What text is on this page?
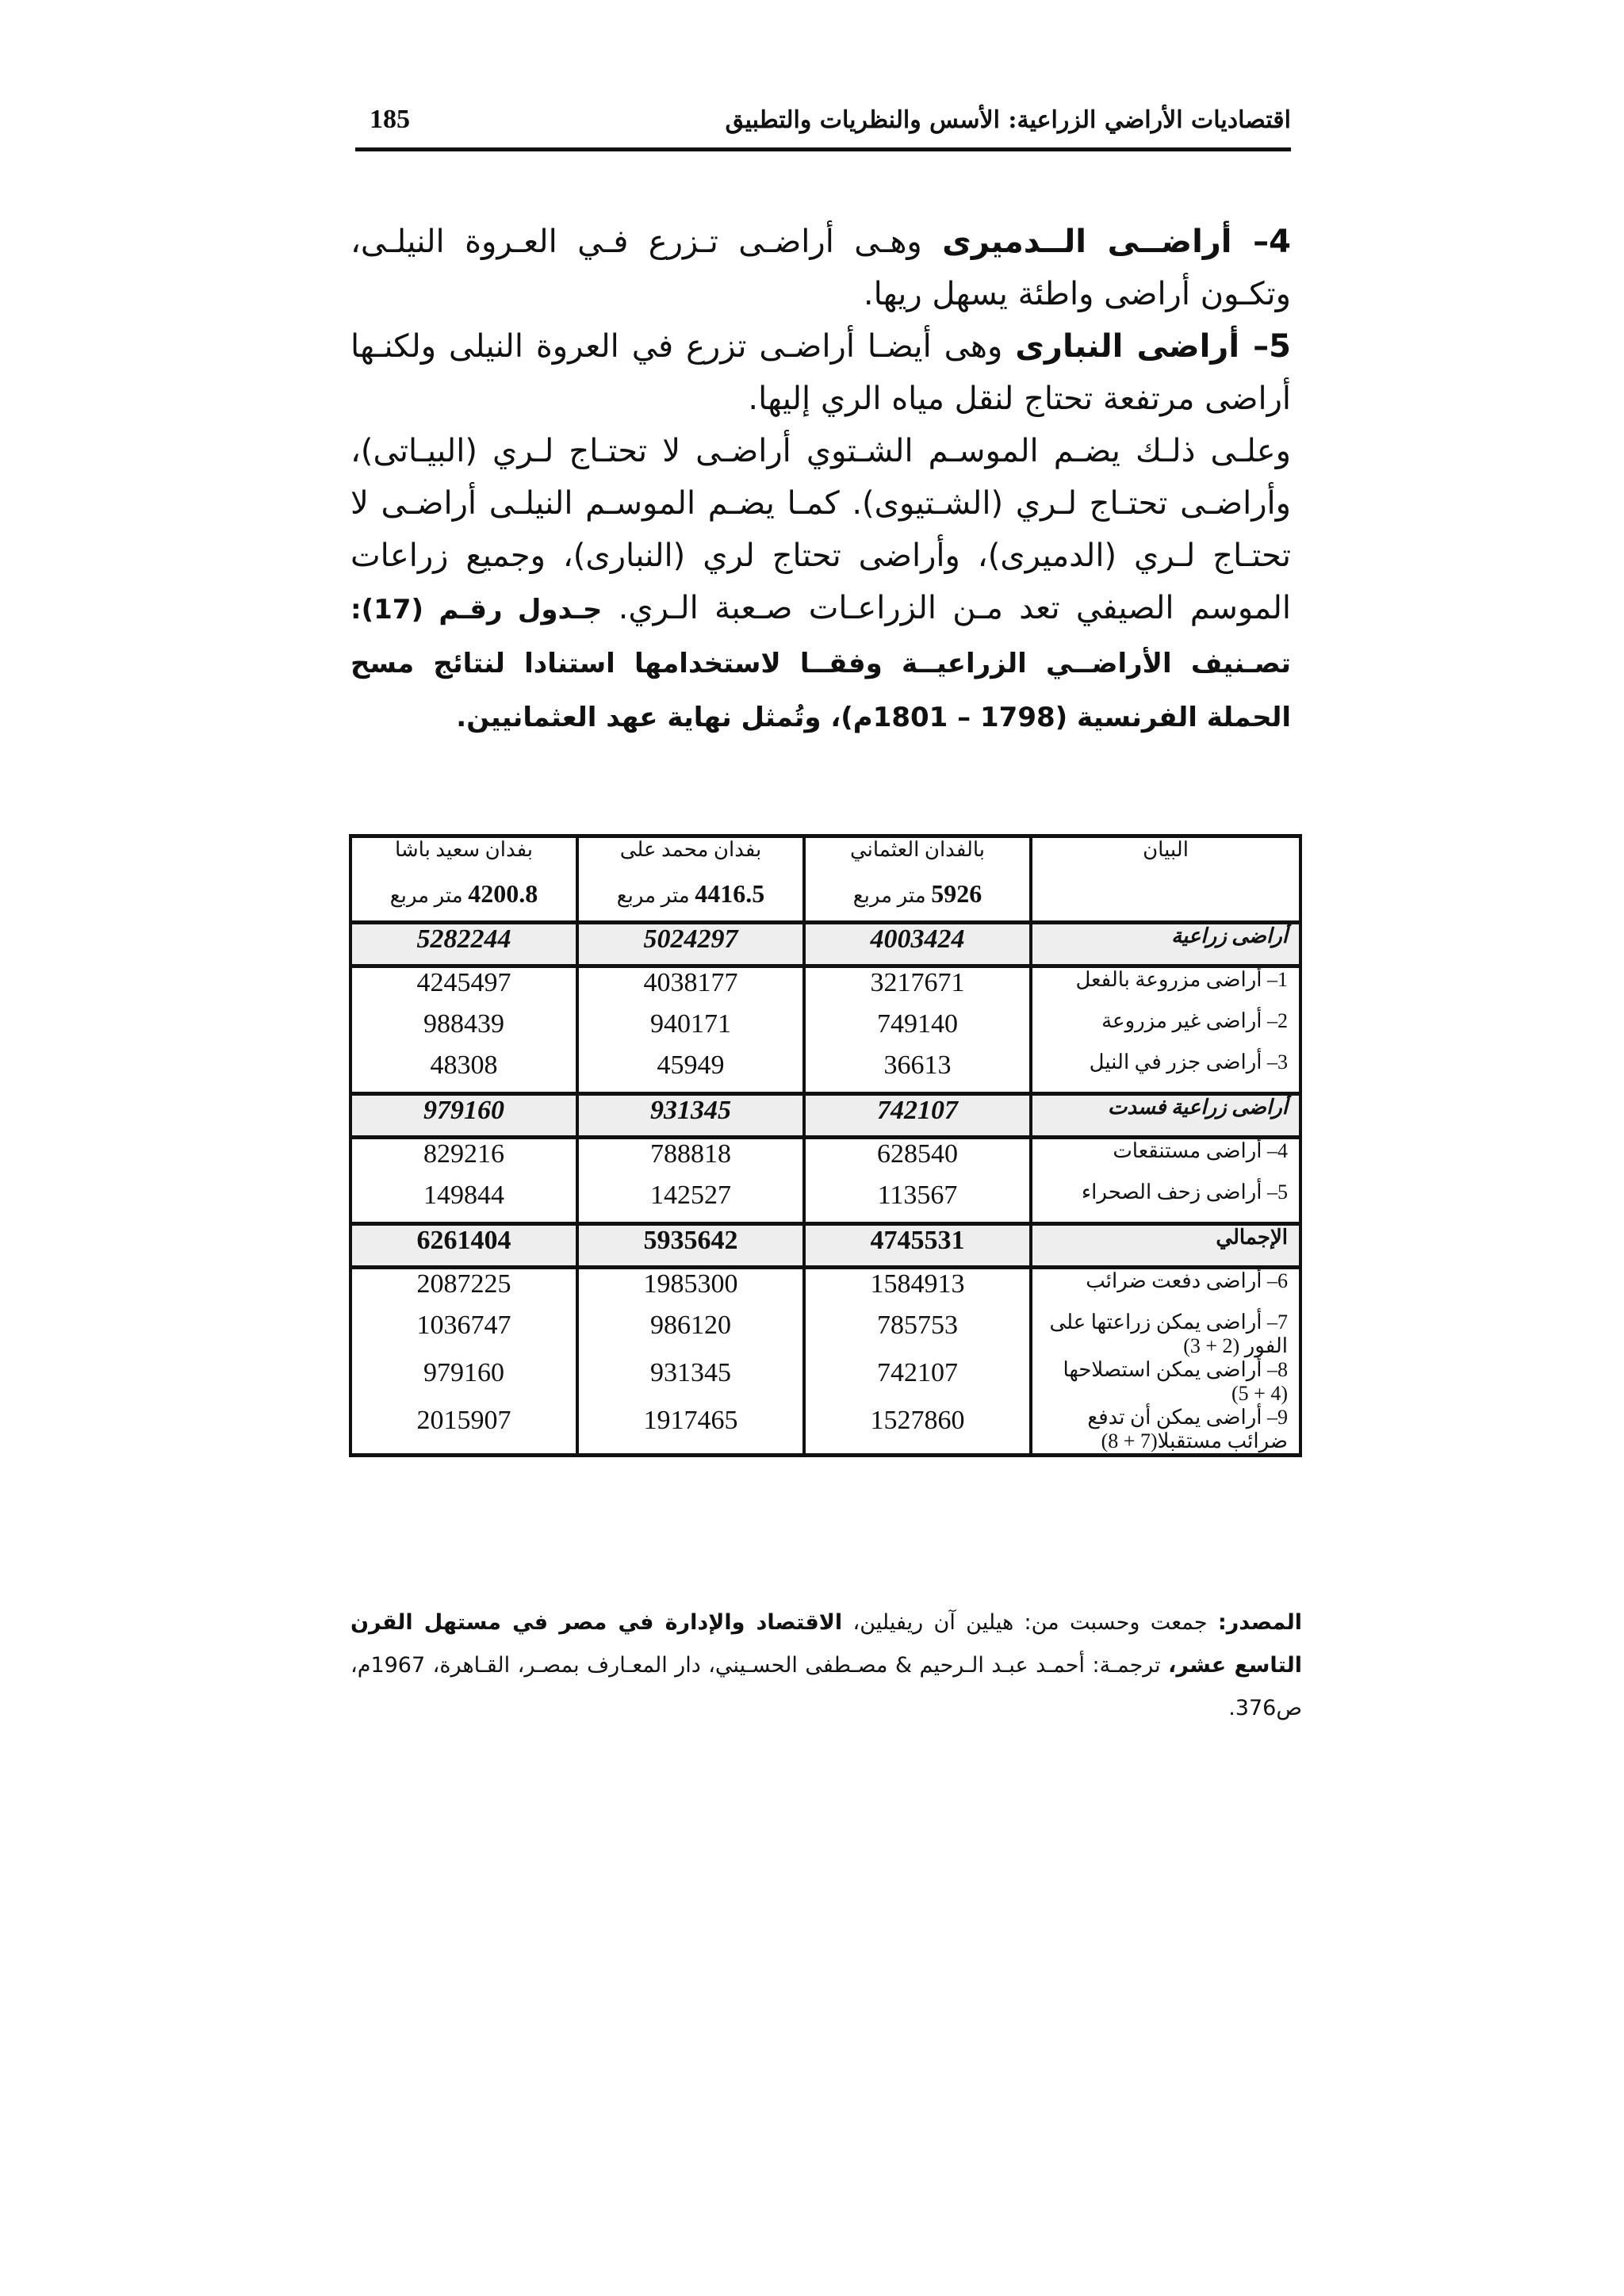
اقتصاديات الأراضي الزراعية: الأسس والنظريات والتطبيق
185

4– أراضــى الــدميرى وهـى أراضـى تـزرع فـي العـروة النيلـى، وتكـون أراضى واطئة يسهل ريها.

5– أراضى النبارى وهى أيضـا أراضـى تزرع في العروة النيلى ولكنـها أراضى مرتفعة تحتاج لنقل مياه الري إليها.

وعلـى ذلـك يضـم الموسـم الشـتوي أراضـى لا تحتـاج لـري (البيـاتى)، وأراضـى تحتـاج لـري (الشـتيوى). كمـا يضـم الموسـم النيلـى أراضـى لا تحتـاج لـري (الدميرى)، وأراضى تحتاج لري (النبارى)، وجميع زراعات الموسم الصيفي تعد مـن الزراعـات صـعبة الـري. جـدول رقـم (17): تصـنيف الأراضــي الزراعيــة وفقــا لاستخدامها استنادا لنتائج مسح الحملة الفرنسية (1798 – 1801م)، وتُمثل نهاية عهد العثمانيين.

البيان	بالفدان العثماني	بفدان محمد على	بفدان سعيد باشا
	5926 متر مربع	4416.5 متر مربع	4200.8 متر مربع
أراضى زراعية	4003424	5024297	5282244
1– أراضى مزروعة بالفعل	3217671	4038177	4245497
2– أراضى غير مزروعة	749140	940171	988439
3– أراضى جزر في النيل	36613	45949	48308
أراضى زراعية فسدت	742107	931345	979160
4– أراضى مستنقعات	628540	788818	829216
5– أراضى زحف الصحراء	113567	142527	149844
الإجمالي	4745531	5935642	6261404
6– أراضى دفعت ضرائب	1584913	1985300	2087225
7– أراضى يمكن زراعتها على الفور (2 + 3)	785753	986120	1036747
8– أراضى يمكن استصلاحها (4 + 5)	742107	931345	979160
9– أراضى يمكن أن تدفع ضرائب مستقبلا(7 + 8)	1527860	1917465	2015907
المصدر: جمعت وحسبت من: هيلين آن ريفيلين، الاقتصاد والإدارة في مصر في مستهل القرن التاسع عشر، ترجمـة: أحمـد عبـد الـرحيم & مصـطفى الحسـيني، دار المعـارف بمصـر، القـاهرة، 1967م، ص376.
